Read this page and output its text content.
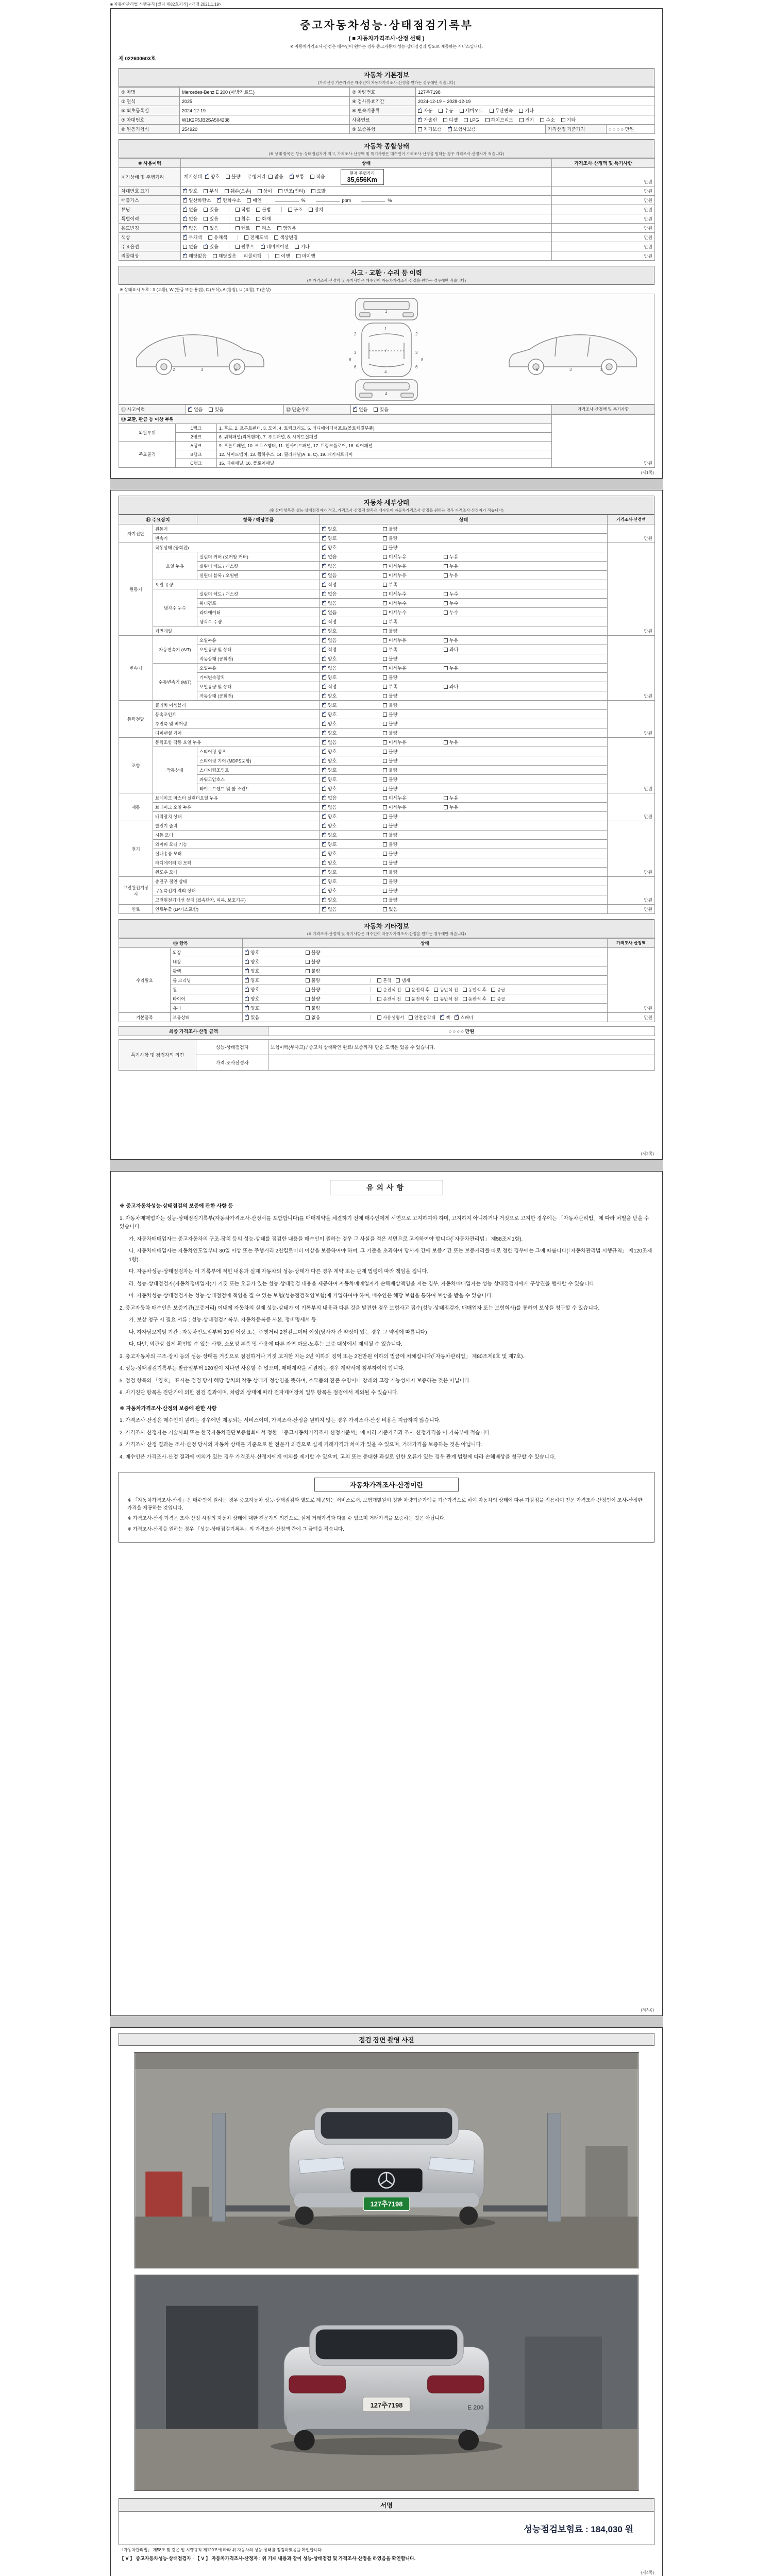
■ 자동차관리법 시행규칙 [별지 제82호서식] <개정 2021.1.19>
중고자동차성능·상태점검기록부
( ■ 자동차가격조사·산정 선택 )
※ 자동차가격조사·산정은 매수인이 원하는 경우 중고자동차 성능·상태점검과 별도로 제공하는 서비스입니다.
제 022600603호
자동차 기본정보
(가격산정 기준가격은 매수인이 자동차가격조사·산정을 원하는 경우에만 적습니다)
① 차명	Mercedes-Benz E 200 (아방가르드)	② 차량번호	127추7198		
③ 연식	2025	④ 검사유효기간	2024-12-19 ~ 2028-12-19		
⑤ 최초등록일	2024-12-19	⑥ 변속기종류	✓자동 수동 세미오토 무단변속 기타
⑦ 차대번호	W1K2F5JB2SA504238	사용연료	✓가솔린 디젤 LPG 하이브리드 전기 수소 기타
⑧ 원동기형식	254920	⑨ 보증유형	자가보증 ✓ 보험사보증	가격산정 기준가격	○ ○ ○ ○ 만원
자동차 종합상태
(※ 상태 항목은 성능·상태점검자가 적고, 가격조사·산정액 및 특기사항은 매수인이 가격조사·산정을 원하는 경우 가격조사·산정자가 적습니다)
⑩ 사용이력	상태	가격조사·산정액 및 특기사항
계기상태 및 주행거리	계기상태 ✓ 양호 불량 주행거리 많음 ✓ 보통 적음
현재 주행거리
35,656Km	만원
차대번호 표기	✓양호 부식 훼손(오손) 상이 변조(변타) 도말	만원
배출가스	✓일산화탄소 ✓ 탄화수소 매연 % ppm %	만원
튜닝	✓없음 있음 적법 불법 구조 장치	만원
특별이력	✓없음 있음 침수 화재	만원
용도변경	✓없음 있음 렌트 리스 영업용	만원
색상	✓무채색 유채색 전체도색 색상변경	만원
주요옵션	없음 ✓ 있음 썬루프 ✓ 네비게이션 기타	만원
리콜대상	✓해당없음 해당있음 리콜이행 이행 미이행	만원
사고 · 교환 · 수리 등 이력
(※ 가격조사·산정액 및 특기사항은 매수인이 자동차가격조사·산정을 원하는 경우에만 적습니다)
※ 상태표시 부호 : X (교환), W (판금 또는 용접), C (부식), A (흠집), U (요철), T (손상)
2	3	6
1
1
7
4
2	2
3	3
6	6
8	8
4
6	3	2
⑪ 사고이력	✓없음	있음	⑫ 단순수리	✓없음	있음	가격조사·산정액 및 특기사항
⑬ 교환, 판금 등 이상 부위			만원
외판부위	1랭크	1. 후드, 2. 프론트펜더, 3. 도어, 4. 트렁크리드, 5. 라디에이터서포트(볼트체결부품)	
	2랭크	6. 쿼터패널(리어펜더), 7. 루프패널, 8. 사이드실패널	
주요골격	A랭크	9. 프론트패널, 10. 크로스멤버, 11. 인사이드패널, 17. 트렁크플로어, 18. 리어패널	
	B랭크	12. 사이드멤버, 13. 휠하우스, 14. 필러패널(A, B, C), 19. 패키지트레이	
	C랭크	15. 대쉬패널, 16. 플로어패널	
(제1쪽)
자동차 세부상태
(※ 상태 항목은 성능·상태점검자가 적고, 가격조사·산정액 항목은 매수인이 자동차가격조사·산정을 원하는 경우 가격조사·산정자가 적습니다)
⑭ 주요장치		항목 / 해당부품	상태	가격조사·산정액
자기진단	원동기	✓양호 불량	만원
	변속기	✓양호 불량
원동기	작동상태 (공회전)	✓양호 불량	만원
	오일 누유	실린더 커버 (로커암 커버)	✓없음 미세누유 누유
		실린더 헤드 / 개스킷	✓없음 미세누유 누유
		실린더 블록 / 오일팬	✓없음 미세누유 누유
	오일 유량	✓적정 부족
	냉각수 누수	실린더 헤드 / 개스킷	✓없음 미세누수 누수
		워터펌프	✓없음 미세누수 누수
		라디에이터	✓없음 미세누수 누수
		냉각수 수량	✓적정 부족
	커먼레일	✓양호 불량
변속기	자동변속기 (A/T)	오일누유	✓없음 미세누유 누유	만원
		오일유량 및 상태	✓적정 부족 과다
		작동상태 (공회전)	✓양호 불량
	수동변속기 (M/T)	오일누유	✓없음 미세누유 누유
		기어변속장치	✓양호 불량
		오일유량 및 상태	✓적정 부족 과다
		작동상태 (공회전)	✓양호 불량
동력전달	클러치 어셈블리	✓양호 불량	만원
	등속조인트	✓양호 불량
	추진축 및 베어링	✓양호 불량
	디퍼렌셜 기어	✓양호 불량
조향	동력조향 작동 오일 누유	✓없음 미세누유 누유	만원
	작동상태	스티어링 펌프	✓양호 불량
		스티어링 기어 (MDPS포함)	✓양호 불량
		스티어링조인트	✓양호 불량
		파워고압호스	✓양호 불량
		타이로드엔드 및 볼 조인트	✓양호 불량
제동	브레이크 마스터 실린더오일 누유	✓없음 미세누유 누유	만원
	브레이크 오일 누유	✓없음 미세누유 누유
	배력장치 상태	✓양호 불량
전기	발전기 출력	✓양호 불량	만원
	시동 모터	✓양호 불량
	와이퍼 모터 기능	✓양호 불량
	실내송풍 모터	✓양호 불량
	라디에이터 팬 모터	✓양호 불량
	윈도우 모터	✓양호 불량
고전원전기장치	충전구 절연 상태	✓양호 불량	만원
	구동축전지 격리 상태	✓양호 불량
	고전원전기배선 상태 (접속단자, 피복, 보호기구)	✓양호 불량
연료	연료누출 (LP가스포함)	✓없음 있음	만원
자동차 기타정보
(※ 가격조사·산정액 및 특기사항은 매수인이 자동차가격조사·산정을 원하는 경우에만 적습니다)
⑮ 항목		상태	가격조사·산정액
수리필요	외장	✓양호 불량	만원
	내장	✓양호 불량
	광택	✓양호 불량
	룸 크리닝	✓양호 불량 흔적 냄새
	휠	✓양호 불량 운전석 전 운전석 후 동반석 전 동반석 후 응급
	타이어	✓양호 불량 운전석 전 운전석 후 동반석 전 동반석 후 응급
	유리	✓양호 불량
기본품목	보유상태	✓있음 없음 사용설명서 안전삼각대 ✓ 잭 ✓ 스패너	만원
최종 가격조사·산정 금액	○ ○ ○ ○ 만원
특기사항 및 점검자의 의견	성능·상태점검자	보험이력(무사고) / 중고차 상태확인 완료! 보증까지! 단순 도색은 있을 수 있습니다.
	가격·조사산정자	
(제2쪽)
유의사항
※ 중고자동차성능·상태점검의 보증에 관한 사항 등
1. 자동차매매업자는 성능·상태점검기록부(자동차가격조사·산정서를 포함합니다)를 매매계약을 체결하기 전에 매수인에게 서면으로 고지하여야 하며, 고지하지 아니하거나 거짓으로 고지한 경우에는 「자동차관리법」에 따라 처벌을 받을 수 있습니다.
가. 자동차매매업자는 중고자동차의 구조·장치 등의 성능·상태를 점검한 내용을 매수인이 원하는 경우 그 사실을 적은 서면으로 고지하여야 합니다(「자동차관리법」 제58조제1항).
나. 자동차매매업자는 자동차인도일부터 30일 이상 또는 주행거리 2천킬로미터 이상을 보증하여야 하며, 그 기준을 초과하여 당사자 간에 보증기간 또는 보증거리를 따로 정한 경우에는 그에 따릅니다(「자동차관리법 시행규칙」 제120조제1항).
다. 자동차성능·상태점검자는 이 기록부에 적힌 내용과 실제 자동차의 성능·상태가 다른 경우 계약 또는 관계 법령에 따라 책임을 집니다.
라. 성능·상태점검자(자동차정비업자)가 거짓 또는 오류가 있는 성능·상태점검 내용을 제공하여 자동차매매업자가 손해배상책임을 지는 경우, 자동차매매업자는 성능·상태점검자에게 구상권을 행사할 수 있습니다.
마. 자동차성능·상태점검자는 성능·상태점검에 책임을 질 수 있는 보험(성능점검책임보험)에 가입하여야 하며, 매수인은 해당 보험을 통하여 보상을 받을 수 있습니다.
2. 중고자동차 매수인은 보증기간(보증거리) 이내에 자동차의 실제 성능·상태가 이 기록부의 내용과 다른 것을 발견한 경우 보험사고 접수(성능·상태점검자, 매매업자 또는 보험회사)를 통하여 보상을 청구할 수 있습니다.
가. 보상 청구 시 필요 서류 : 성능·상태점검기록부, 자동차등록증 사본, 정비명세서 등
나. 하자담보책임 기간 : 자동차인도일부터 30일 이상 또는 주행거리 2천킬로미터 이상(당사자 간 약정이 있는 경우 그 약정에 따릅니다)
다. 다만, 외관상 쉽게 확인할 수 있는 사항, 소모성 부품 및 사용에 따른 자연 마모·노후는 보증 대상에서 제외될 수 있습니다.
3. 중고자동차의 구조·장치 등의 성능·상태를 거짓으로 점검하거나 거짓 고지한 자는 2년 이하의 징역 또는 2천만원 이하의 벌금에 처해집니다(「자동차관리법」 제80조제6호 및 제7호).
4. 성능·상태점검기록부는 발급일부터 120일이 지나면 사용할 수 없으며, 매매계약을 체결하는 경우 계약서에 첨부하여야 합니다.
5. 점검 항목의 「양호」 표시는 점검 당시 해당 장치의 작동 상태가 정상임을 뜻하며, 소모품의 잔존 수명이나 장래의 고장 가능성까지 보증하는 것은 아닙니다.
6. 자기진단 항목은 진단기에 의한 점검 결과이며, 차량의 상태에 따라 전자제어장치 일부 항목은 점검에서 제외될 수 있습니다.
※ 자동차가격조사·산정의 보증에 관한 사항
1. 가격조사·산정은 매수인이 원하는 경우에만 제공되는 서비스이며, 가격조사·산정을 원하지 않는 경우 가격조사·산정 비용은 지급하지 않습니다.
2. 가격조사·산정자는 기술사회 또는 한국자동차진단보증협회에서 정한 「중고자동차가격조사·산정기준서」에 따라 기준가격과 조사·산정가격을 이 기록부에 적습니다.
3. 가격조사·산정 결과는 조사·산정 당시의 자동차 상태를 기준으로 한 전문가 의견으로 실제 거래가격과 차이가 있을 수 있으며, 거래가격을 보증하는 것은 아닙니다.
4. 매수인은 가격조사·산정 결과에 이의가 있는 경우 가격조사·산정자에게 이의를 제기할 수 있으며, 고의 또는 중대한 과실로 인한 오류가 있는 경우 관계 법령에 따라 손해배상을 청구할 수 있습니다.
자동차가격조사·산정이란
※ 「자동차가격조사·산정」은 매수인이 원하는 경우 중고자동차 성능·상태점검과 별도로 제공되는 서비스로서, 보험개발원이 정한 차량기준가액을 기준가격으로 하여 자동차의 상태에 따른 가감점을 적용하여 전문 가격조사·산정인이 조사·산정한 가격을 제공하는 것입니다.
※ 가격조사·산정 가격은 조사·산정 시점의 자동차 상태에 대한 전문가의 의견으로, 실제 거래가격과 다를 수 있으며 거래가격을 보증하는 것은 아닙니다.
※ 가격조사·산정을 원하는 경우 「성능·상태점검기록부」의 가격조사·산정액 란에 그 금액을 적습니다.
(제3쪽)
점검 장면 촬영 사진
127추7198
127추7198	E 200
서명
성능점검보험료 : 184,030 원
「자동차관리법」 제58조 및 같은 법 시행규칙 제120조에 따라 위 자동차의 성능·상태를 점검하였음을 확인합니다.
【 V 】 중고자동차성능·상태점검자 · 【 V 】 자동차가격조사·산정자 : 위 기재 내용과 같이 성능·상태점검 및 가격조사·산정을 하였음을 확인합니다.
(제4쪽)
